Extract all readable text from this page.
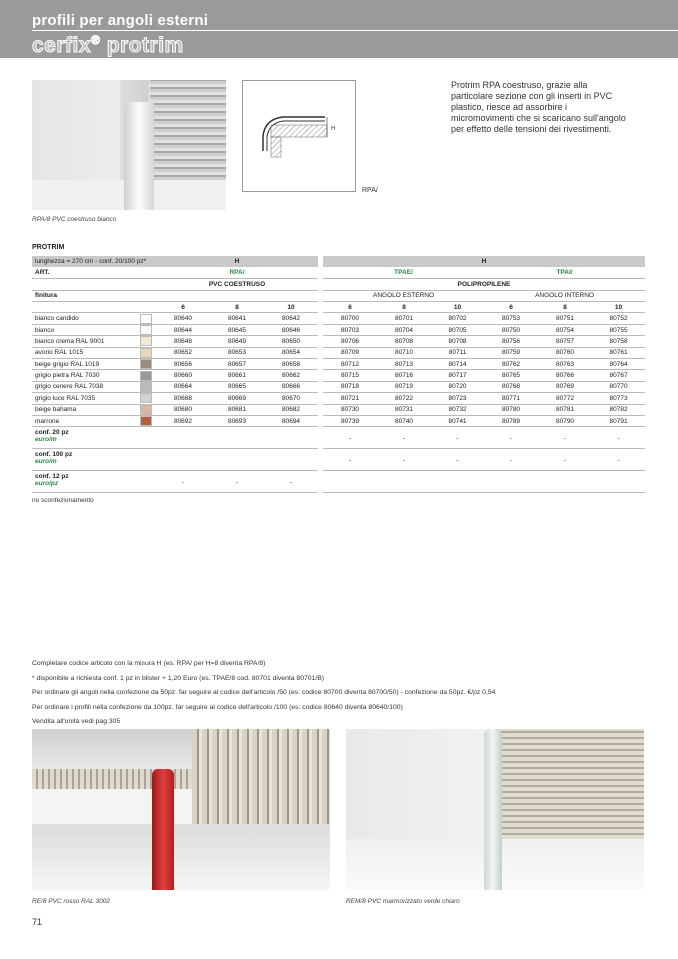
profili per angoli esterni
cerfix® protrim
H
RPA/
Protrim RPA coestruso, grazie alla particolare sezione con gli inserti in PVC plastico, riesce ad assorbire i micromovimenti che si scaricano sull'angolo per effetto delle tensioni dei rivestimenti.
RPA/8 PVC coestruso bianco
PROTRIM
lunghezza = 270 cm - conf. 20/100 pz*		H				H					
ART.		RPA/				TPAE/			TPAI/		
		PVC COESTRUSO				POLIPROPILENE					
finitura						ANGOLO ESTERNO			ANGOLO INTERNO		
		6	8	10		6	8	10	6	8	10
bianco candido		80640	80641	80642		80700	80701	80702	80753	80751	80752
bianco		80644	80645	80646		80703	80704	80705	80750	80754	80755
bianco crema RAL 9001		80648	80649	80650		80706	80708	80708	80756	80757	80758
avorio RAL 1015		80652	80653	80654		80709	80710	80711	80759	80760	80761
beige grigio RAL 1019		80656	80657	80658		80712	80713	80714	80762	80763	80764
grigio pietra RAL 7030		80660	80661	80662		80715	80716	80717	80765	80766	80767
grigio cenere RAL 7038		80664	80665	80666		80718	80719	80720	80768	80769	80770
grigio luce RAL 7035		80668	80669	80670		80721	80722	80723	80771	80772	80773
beige bahama		80680	80681	80682		80730	80731	80732	80780	80781	80782
marrone		80692	80693	80694		80739	80740	80741	80789	80790	80791

conf. 20 pz
euro/m						-	-	-	-	-	-

conf. 100 pz
euro/m						-	-	-	-	-	-

conf. 12 pz
euro/pz		-	-	-							
no sconfezionamento
Completare codice articolo con la misura H (es. RPA/ per H=8 diventa RPA/8)
* disponibile a richiesta conf. 1 pz in blister + 1,20 Euro (es. TPAE/8 cod. 80701 diventa 80701/B)
Per ordinare gli angoli nella confezione da 50pz. far seguire al codice dell'articolo /50 (es: codice 80700 diventa 80700/50) - confezione da 50pz. €/pz 0,54
Per ordinare i profili nella confezione da 100pz. far seguire al codice dell'articolo /100 (es: codice 80640 diventa 80640/100)
Vendita all'unità vedi pag 305
RE/8 PVC rosso RAL 3002	REM/8 PVC marmorizzato verde chiaro
71
